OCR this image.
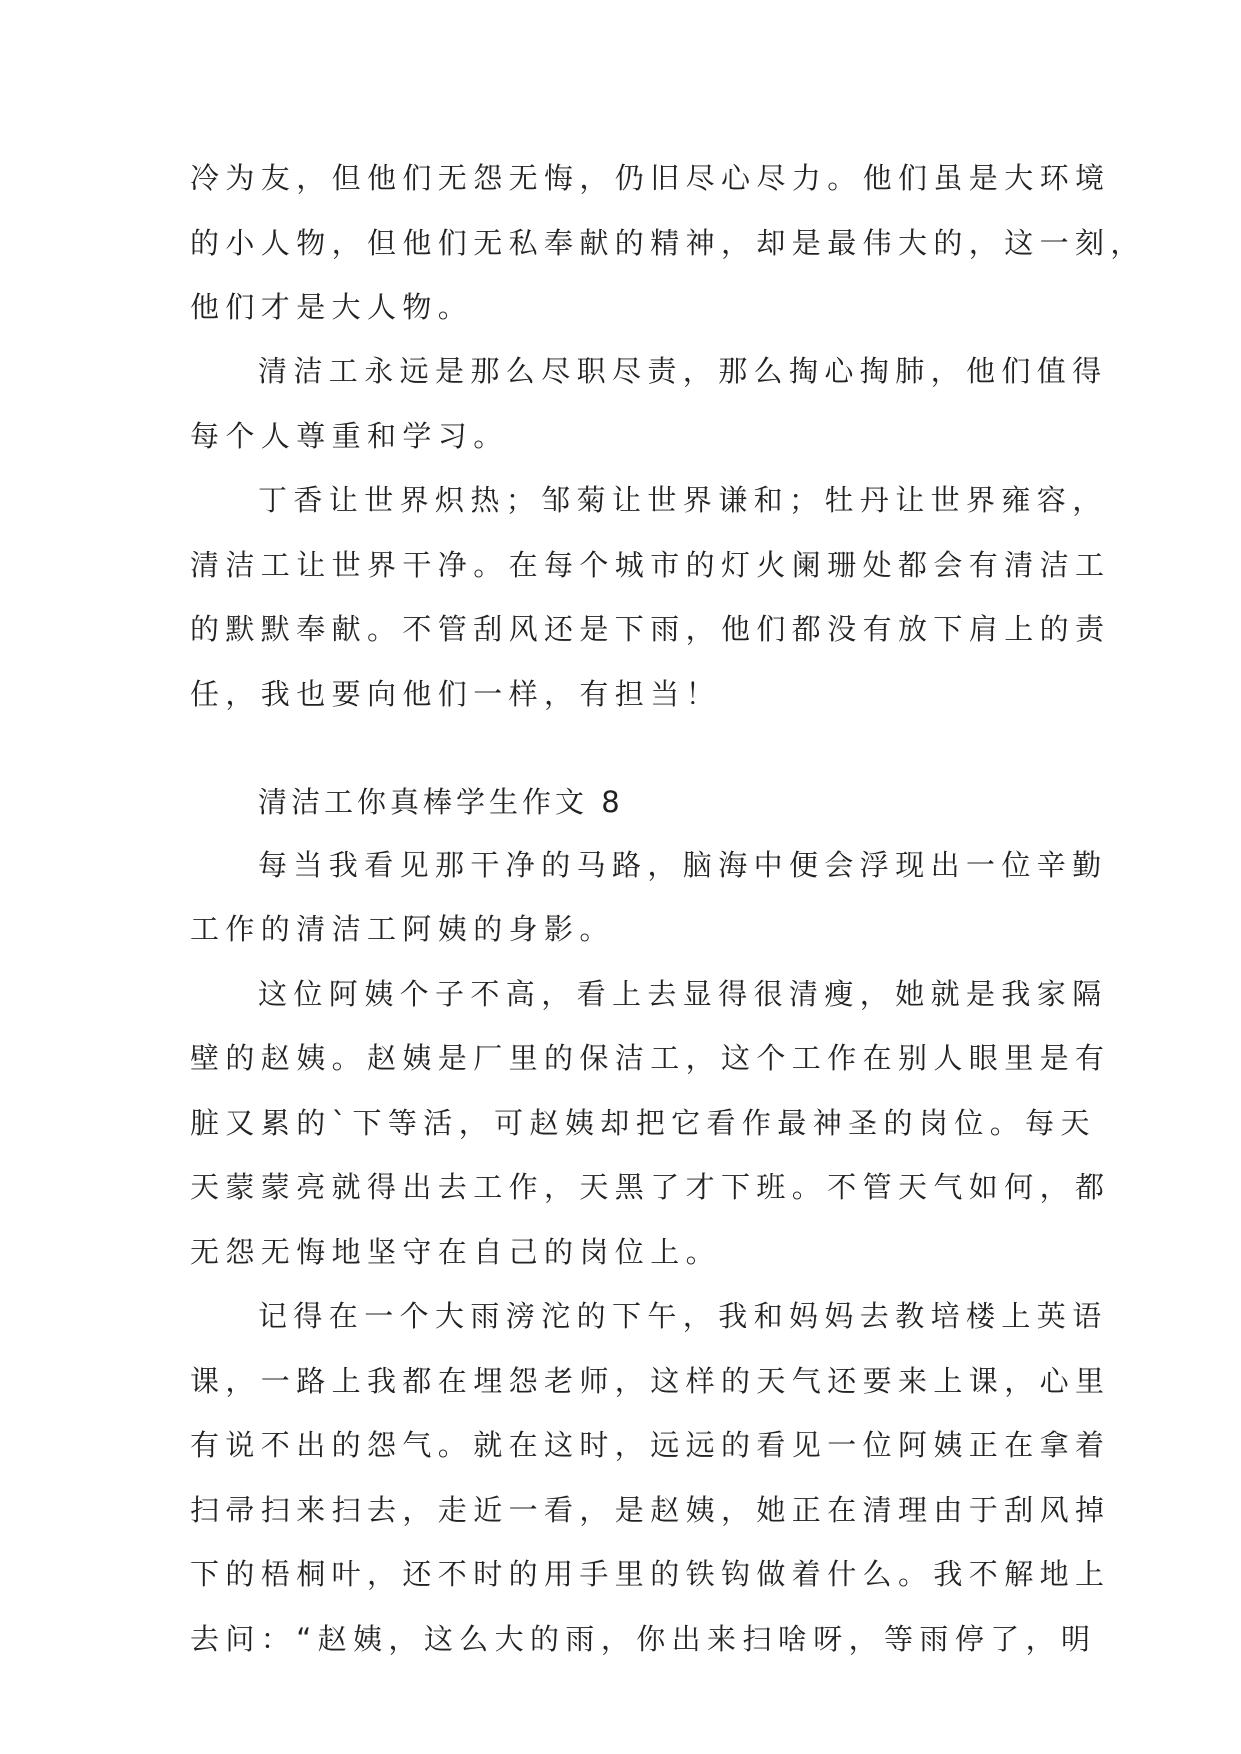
冷为友，但他们无怨无悔，仍旧尽心尽力。他们虽是大环境
的小人物，但他们无私奉献的精神，却是最伟大的，这一刻，
他们才是大人物。
清洁工永远是那么尽职尽责，那么掏心掏肺，他们值得
每个人尊重和学习。
丁香让世界炽热；邹菊让世界谦和；牡丹让世界雍容，
清洁工让世界干净。在每个城市的灯火阑珊处都会有清洁工
的默默奉献。不管刮风还是下雨，他们都没有放下肩上的责
任，我也要向他们一样，有担当！
清洁工你真棒学生作文 8
每当我看见那干净的马路，脑海中便会浮现出一位辛勤
工作的清洁工阿姨的身影。
这位阿姨个子不高，看上去显得很清瘦，她就是我家隔
壁的赵姨。赵姨是厂里的保洁工，这个工作在别人眼里是有
脏又累的`下等活，可赵姨却把它看作最神圣的岗位。每天
天蒙蒙亮就得出去工作，天黑了才下班。不管天气如何，都
无怨无悔地坚守在自己的岗位上。
记得在一个大雨滂沱的下午，我和妈妈去教培楼上英语
课，一路上我都在埋怨老师，这样的天气还要来上课，心里
有说不出的怨气。就在这时，远远的看见一位阿姨正在拿着
扫帚扫来扫去，走近一看，是赵姨，她正在清理由于刮风掉
下的梧桐叶，还不时的用手里的铁钩做着什么。我不解地上
去问：“赵姨，这么大的雨，你出来扫啥呀，等雨停了，明
